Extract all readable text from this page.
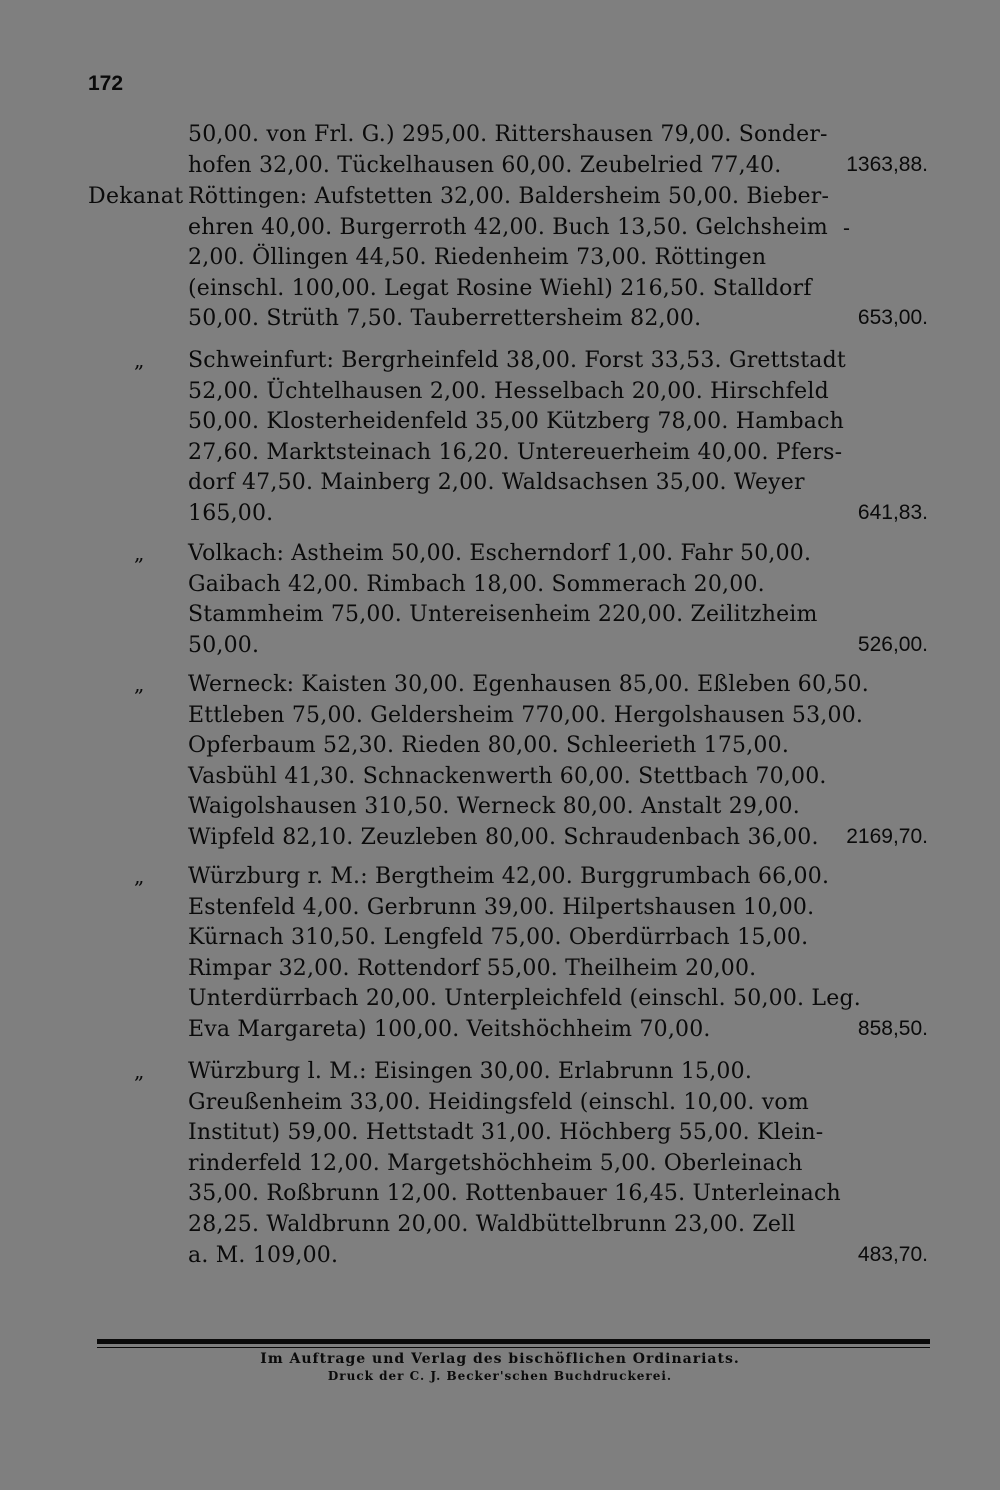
172
50,00. von Frl. G.) 295,00. Rittershausen 79,00. Sonder-
hofen 32,00. Tückelhausen 60,00. Zeubelried 77,40.	1363,88.
Dekanat Röttingen: Aufstetten 32,00. Baldersheim 50,00. Bieber-
ehren 40,00. Burgerroth 42,00. Buch 13,50. Gelchsheim
2,00. Öllingen 44,50. Riedenheim 73,00. Röttingen
(einschl. 100,00. Legat Rosine Wiehl) 216,50. Stalldorf
50,00. Strüth 7,50. Tauberrettersheim 82,00.	653,00.
„ Schweinfurt: Bergrheinfeld 38,00. Forst 33,53. Grettstadt
52,00. Üchtelhausen 2,00. Hesselbach 20,00. Hirschfeld
50,00. Klosterheidenfeld 35,00 Kützberg 78,00. Hambach
27,60. Marktsteinach 16,20. Untereuerheim 40,00. Pfers-
dorf 47,50. Mainberg 2,00. Waldsachsen 35,00. Weyer
165,00.	641,83.
„ Volkach: Astheim 50,00. Escherndorf 1,00. Fahr 50,00.
Gaibach 42,00. Rimbach 18,00. Sommerach 20,00.
Stammheim 75,00. Untereisenheim 220,00. Zeilitzheim
50,00.	526,00.
„ Werneck: Kaisten 30,00. Egenhausen 85,00. Eßleben 60,50.
Ettleben 75,00. Geldersheim 770,00. Hergolshausen 53,00.
Opferbaum 52,30. Rieden 80,00. Schleerieth 175,00.
Vasbühl 41,30. Schnackenwerth 60,00. Stettbach 70,00.
Waigolshausen 310,50. Werneck 80,00. Anstalt 29,00.
Wipfeld 82,10. Zeuzleben 80,00. Schraudenbach 36,00. 2169,70.
„ Würzburg r. M.: Bergtheim 42,00. Burggrumbach 66,00.
Estenfeld 4,00. Gerbrunn 39,00. Hilpertshausen 10,00.
Kürnach 310,50. Lengfeld 75,00. Oberdürrbach 15,00.
Rimpar 32,00. Rottendorf 55,00. Theilheim 20,00.
Unterdürrbach 20,00. Unterpleichfeld (einschl. 50,00. Leg.
Eva Margareta) 100,00. Veitshöchheim 70,00.	858,50.
„ Würzburg l. M.: Eisingen 30,00. Erlabrunn 15,00.
Greußenheim 33,00. Heidingsfeld (einschl. 10,00. vom
Institut) 59,00. Hettstadt 31,00. Höchberg 55,00. Klein-
rinderfeld 12,00. Margetshöchheim 5,00. Oberleinach
35,00. Roßbrunn 12,00. Rottenbauer 16,45. Unterleinach
28,25. Waldbrunn 20,00. Waldbüttelbrunn 23,00. Zell
a. M. 109,00.	483,70.
-
Im Auftrage und Verlag des bischöflichen Ordinariats.
Druck der C. J. Becker'schen Buchdruckerei.
